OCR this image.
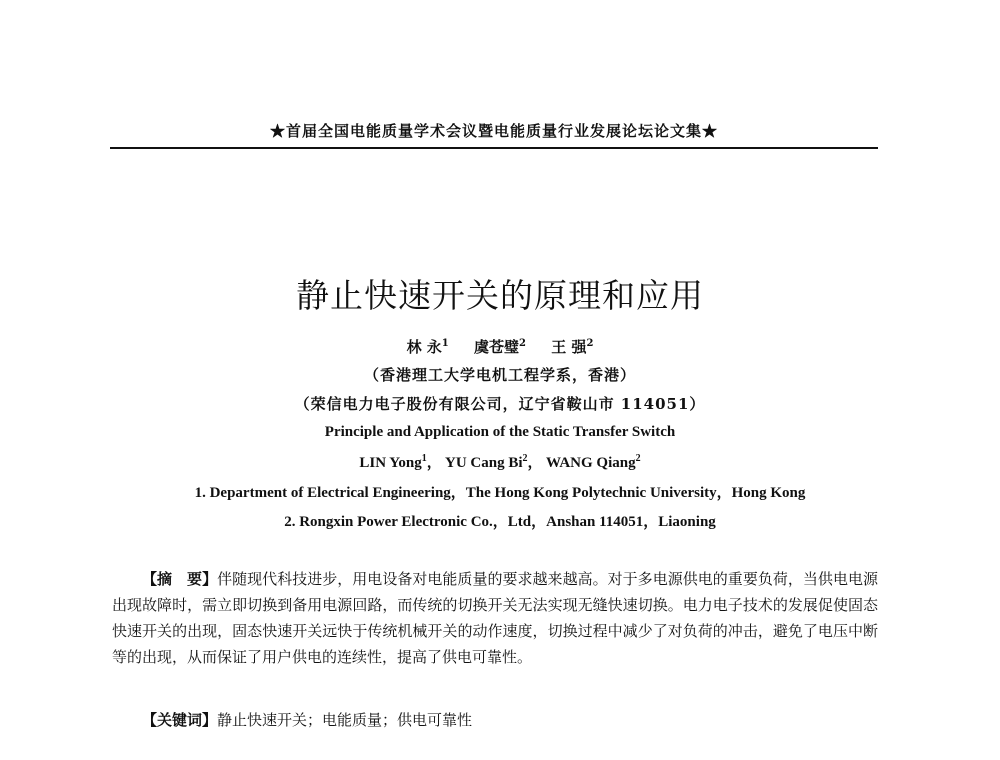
★首届全国电能质量学术会议暨电能质量行业发展论坛论文集★
静止快速开关的原理和应用
林 永$^1$ 虞苍璧$^2$ 王 强$^2$
（香港理工大学电机工程学系，香港）
（荣信电力电子股份有限公司，辽宁省鞍山市 114051）
Principle and Application of the Static Transfer Switch
LIN Yong$^1$， YU Cang Bi$^2$， WANG Qiang$^2$
1. Department of Electrical Engineering，The Hong Kong Polytechnic University，Hong Kong
2. Rongxin Power Electronic Co.，Ltd，Anshan 114051，Liaoning
【摘　要】伴随现代科技进步，用电设备对电能质量的要求越来越高。对于多电源供电的重要负荷，当供电电源出现故障时，需立即切换到备用电源回路，而传统的切换开关无法实现无缝快速切换。电力电子技术的发展促使固态快速开关的出现，固态快速开关远快于传统机械开关的动作速度，切换过程中减少了对负荷的冲击，避免了电压中断等的出现，从而保证了用户供电的连续性，提高了供电可靠性。
【关键词】静止快速开关；电能质量；供电可靠性
